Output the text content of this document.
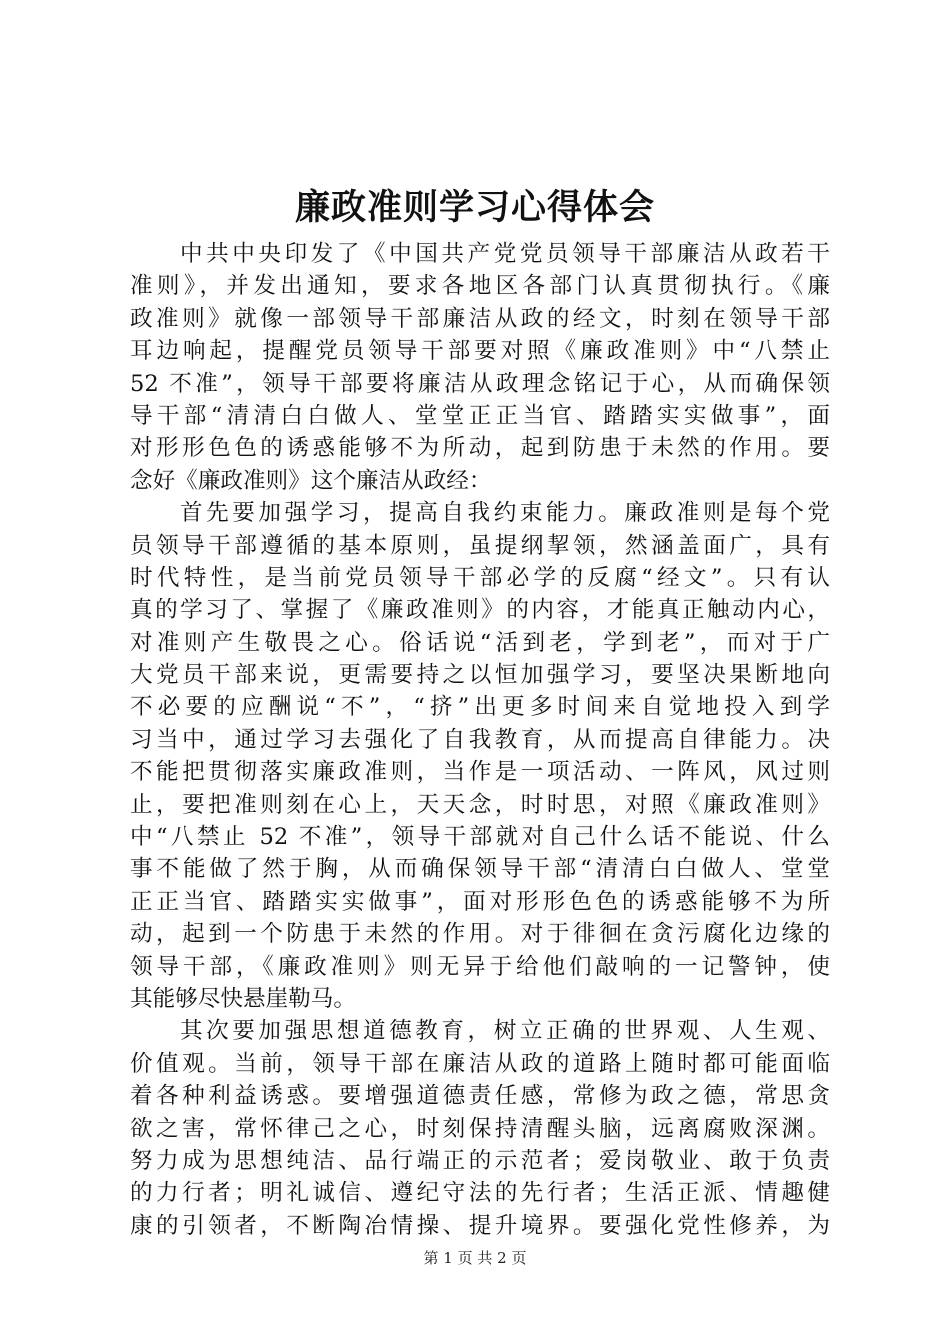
廉政准则学习心得体会
中共中央印发了《中国共产党党员领导干部廉洁从政若干
准则》，并发出通知，要求各地区各部门认真贯彻执行。《廉
政准则》就像一部领导干部廉洁从政的经文，时刻在领导干部
耳边响起，提醒党员领导干部要对照《廉政准则》中“八禁止
52 不准”，领导干部要将廉洁从政理念铭记于心，从而确保领
导干部“清清白白做人、堂堂正正当官、踏踏实实做事”，面
对形形色色的诱惑能够不为所动，起到防患于未然的作用。要
念好《廉政准则》这个廉洁从政经：
首先要加强学习，提高自我约束能力。廉政准则是每个党
员领导干部遵循的基本原则，虽提纲挈领，然涵盖面广，具有
时代特性，是当前党员领导干部必学的反腐“经文”。只有认
真的学习了、掌握了《廉政准则》的内容，才能真正触动内心，
对准则产生敬畏之心。俗话说“活到老，学到老”，而对于广
大党员干部来说，更需要持之以恒加强学习，要坚决果断地向
不必要的应酬说“不”，“挤”出更多时间来自觉地投入到学
习当中，通过学习去强化了自我教育，从而提高自律能力。决
不能把贯彻落实廉政准则，当作是一项活动、一阵风，风过则
止，要把准则刻在心上，天天念，时时思，对照《廉政准则》
中“八禁止 52 不准”，领导干部就对自己什么话不能说、什么
事不能做了然于胸，从而确保领导干部“清清白白做人、堂堂
正正当官、踏踏实实做事”，面对形形色色的诱惑能够不为所
动，起到一个防患于未然的作用。对于徘徊在贪污腐化边缘的
领导干部，《廉政准则》则无异于给他们敲响的一记警钟，使
其能够尽快悬崖勒马。
其次要加强思想道德教育，树立正确的世界观、人生观、
价值观。当前，领导干部在廉洁从政的道路上随时都可能面临
着各种利益诱惑。要增强道德责任感，常修为政之德，常思贪
欲之害，常怀律己之心，时刻保持清醒头脑，远离腐败深渊。
努力成为思想纯洁、品行端正的示范者；爱岗敬业、敢于负责
的力行者；明礼诚信、遵纪守法的先行者；生活正派、情趣健
康的引领者，不断陶冶情操、提升境界。要强化党性修养，为
第 1 页 共 2 页
